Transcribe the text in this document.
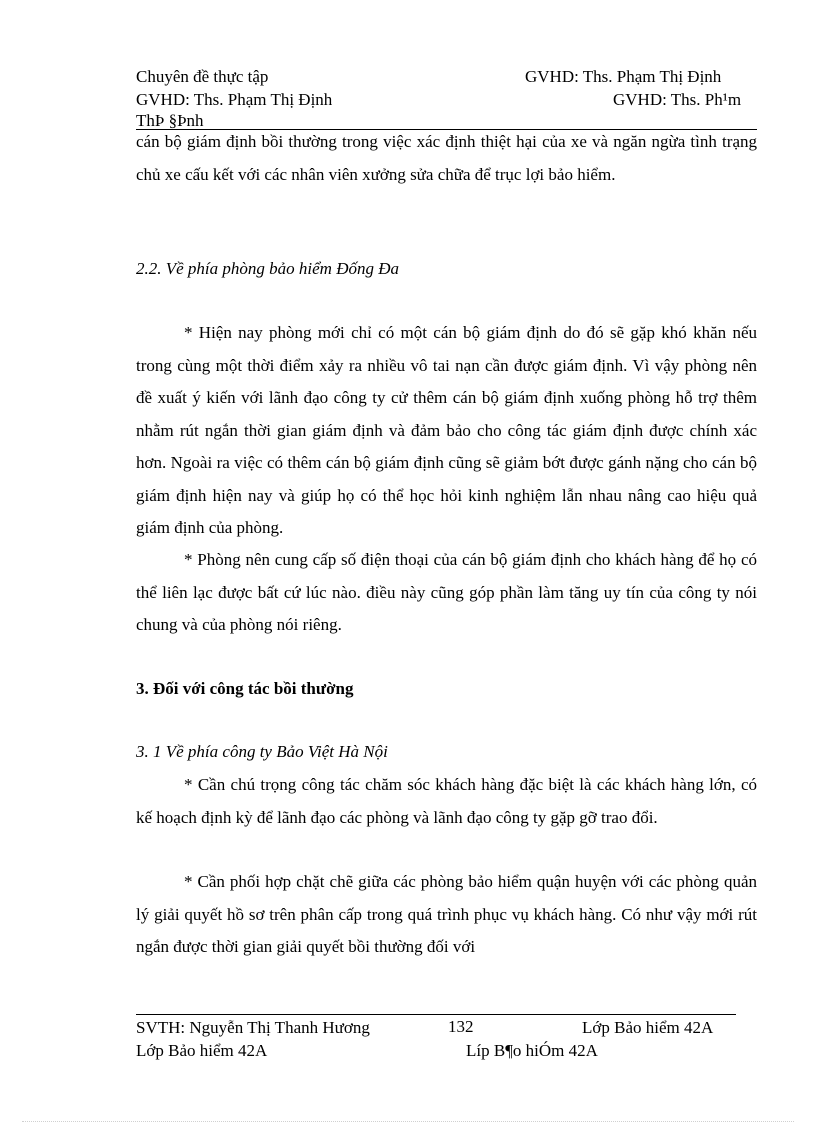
Chuyên đề thực tập	GVHD: Ths. Phạm Thị Định
GVHD: Ths. Phạm Thị Định	GVHD: Ths. Ph¹m
ThÞ §Þnh

cán bộ giám định bồi thường trong việc xác định thiệt hại của xe và ngăn ngừa tình trạng chủ xe cấu kết với các nhân viên xưởng sửa chữa để trục lợi bảo hiểm.

2.2. Về phía phòng bảo hiểm Đống Đa

* Hiện nay phòng mới chỉ có một cán bộ giám định do đó sẽ gặp khó khăn nếu trong cùng một thời điểm xảy ra nhiều vô tai nạn cần được giám định. Vì vậy phòng nên đề xuất ý kiến với lãnh đạo công ty cử thêm cán bộ giám định xuống phòng hỗ trợ thêm nhằm rút ngắn thời gian giám định và đảm bảo cho công tác giám định được chính xác hơn. Ngoài ra việc có thêm cán bộ giám định cũng sẽ giảm bớt được gánh nặng cho cán bộ giám định hiện nay và giúp họ có thể học hỏi kinh nghiệm lẫn nhau nâng cao hiệu quả giám định của phòng.

* Phòng nên cung cấp số điện thoại của cán bộ giám định cho khách hàng để họ có thể liên lạc được bất cứ lúc nào. điều này cũng góp phần làm tăng uy tín của công ty nói chung và của phòng nói riêng.

3. Đối với công tác bồi thường
3. 1 Về phía công ty Bảo Việt Hà Nội

* Cần chú trọng công tác chăm sóc khách hàng đặc biệt là các khách hàng lớn, có kế hoạch định kỳ để lãnh đạo các phòng và lãnh đạo công ty gặp gỡ trao đổi.

* Cần phối hợp chặt chẽ giữa các phòng bảo hiểm quận huyện với các phòng quản lý giải quyết hồ sơ trên phân cấp trong quá trình phục vụ khách hàng. Có như vậy mới rút ngắn được thời gian giải quyết bồi thường đối với

SVTH: Nguyễn Thị Thanh Hương	132	Lớp Bảo hiểm 42A
Lớp Bảo hiểm 42A	Líp B¶o hiÓm 42A
